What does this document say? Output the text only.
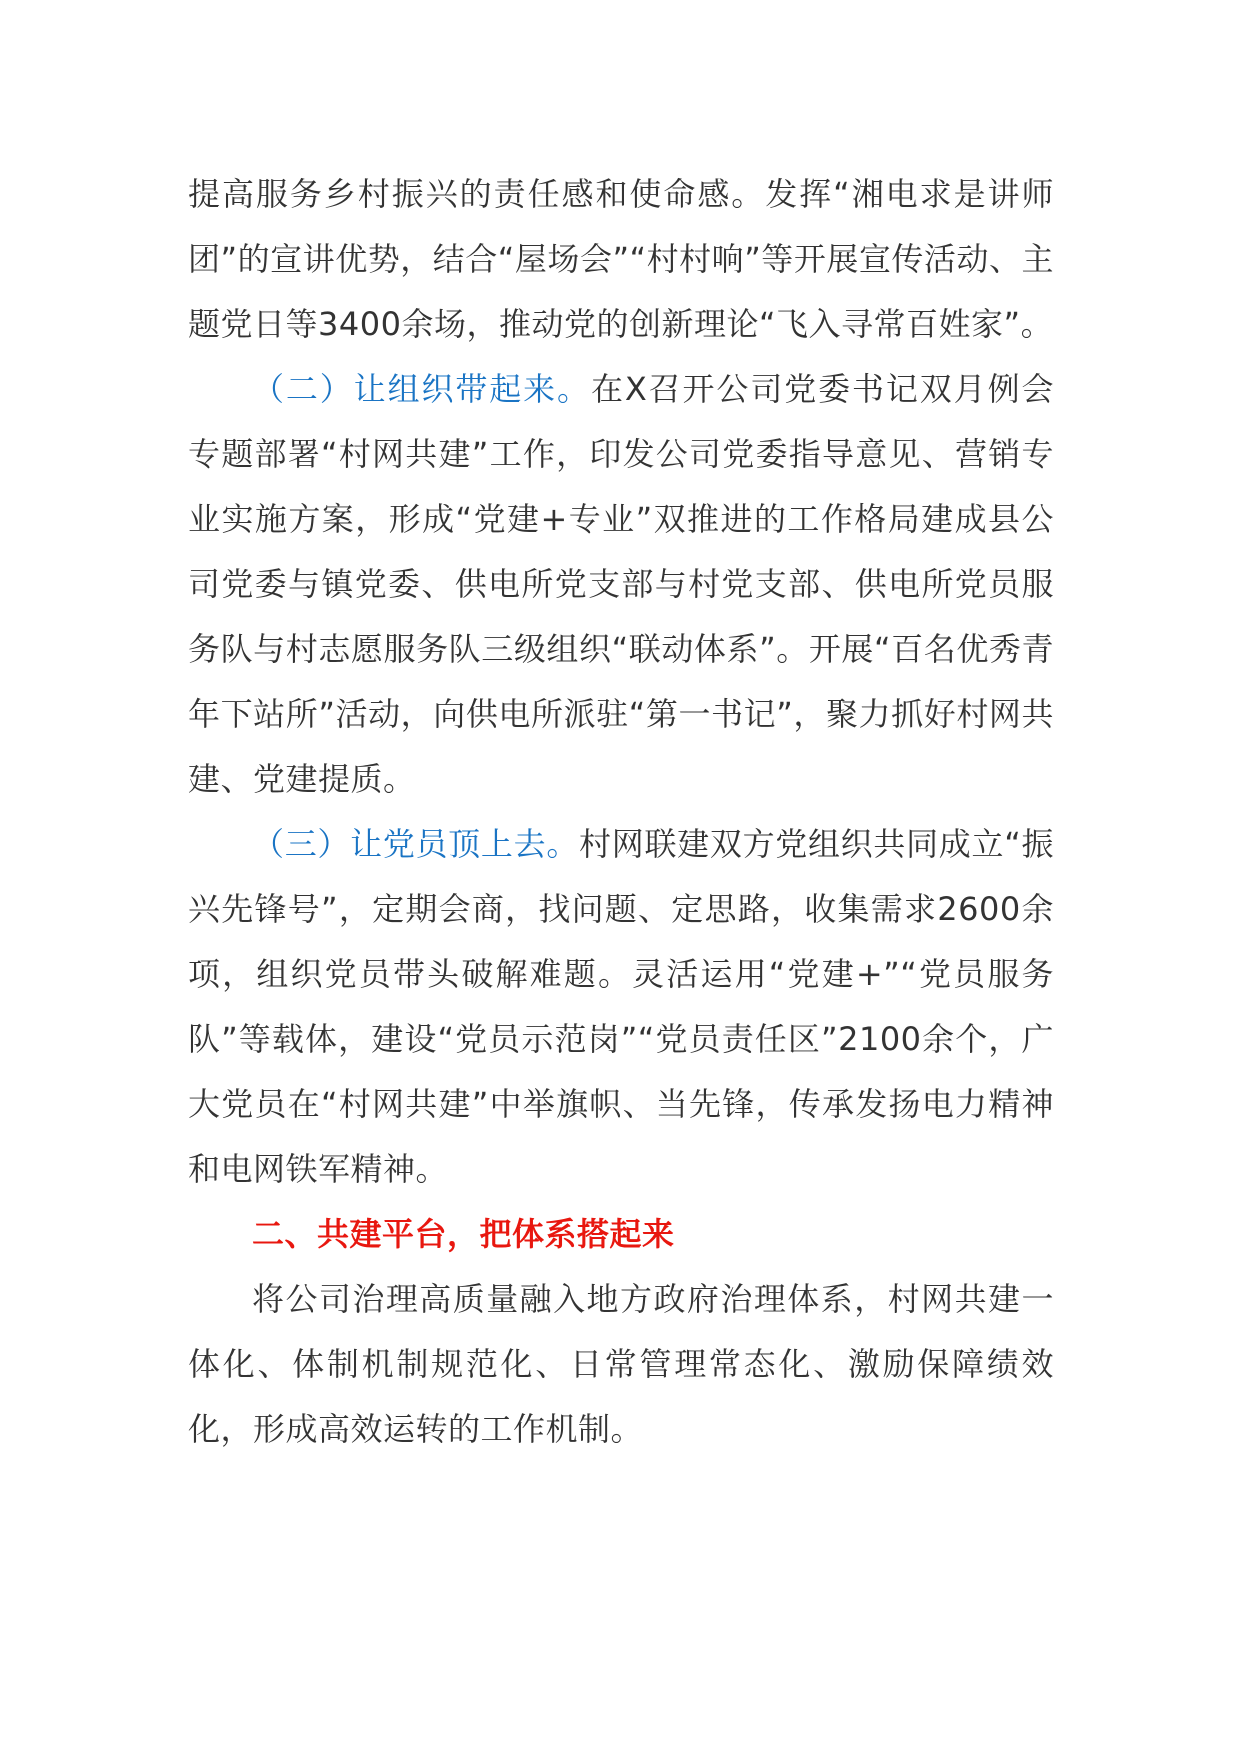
提高服务乡村振兴的责任感和使命感。发挥“湘电求是讲师团”的宣讲优势，结合“屋场会”“村村响”等开展宣传活动、主题党日等3400余场，推动党的创新理论“飞入寻常百姓家”。

（二）让组织带起来。在X召开公司党委书记双月例会专题部署“村网共建”工作，印发公司党委指导意见、营销专业实施方案，形成“党建+专业”双推进的工作格局建成县公司党委与镇党委、供电所党支部与村党支部、供电所党员服务队与村志愿服务队三级组织“联动体系”。开展“百名优秀青年下站所”活动，向供电所派驻“第一书记”，聚力抓好村网共建、党建提质。

（三）让党员顶上去。村网联建双方党组织共同成立“振兴先锋号”，定期会商，找问题、定思路，收集需求2600余项，组织党员带头破解难题。灵活运用“党建+”“党员服务队”等载体，建设“党员示范岗”“党员责任区”2100余个，广大党员在“村网共建”中举旗帜、当先锋，传承发扬电力精神和电网铁军精神。

二、共建平台，把体系搭起来

将公司治理高质量融入地方政府治理体系，村网共建一体化、体制机制规范化、日常管理常态化、激励保障绩效化，形成高效运转的工作机制。
